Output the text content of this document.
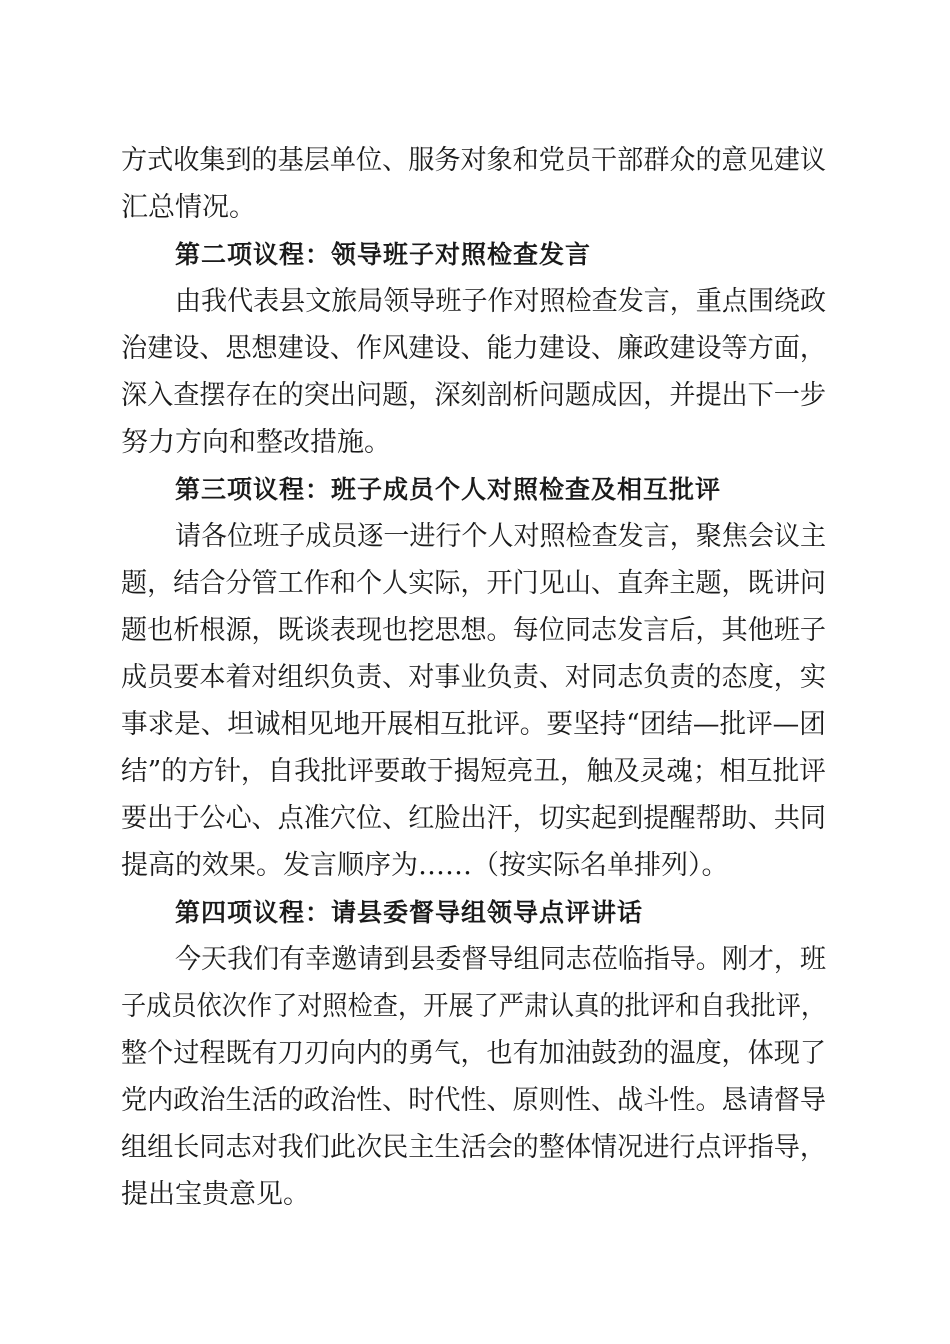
方式收集到的基层单位、服务对象和党员干部群众的意见建议
汇总情况。
第二项议程：领导班子对照检查发言
由我代表县文旅局领导班子作对照检查发言，重点围绕政
治建设、思想建设、作风建设、能力建设、廉政建设等方面，
深入查摆存在的突出问题，深刻剖析问题成因，并提出下一步
努力方向和整改措施。
第三项议程：班子成员个人对照检查及相互批评
请各位班子成员逐一进行个人对照检查发言，聚焦会议主
题，结合分管工作和个人实际，开门见山、直奔主题，既讲问
题也析根源，既谈表现也挖思想。每位同志发言后，其他班子
成员要本着对组织负责、对事业负责、对同志负责的态度，实
事求是、坦诚相见地开展相互批评。要坚持“团结—批评—团
结”的方针，自我批评要敢于揭短亮丑，触及灵魂；相互批评
要出于公心、点准穴位、红脸出汗，切实起到提醒帮助、共同
提高的效果。发言顺序为……（按实际名单排列）。
第四项议程：请县委督导组领导点评讲话
今天我们有幸邀请到县委督导组同志莅临指导。刚才，班
子成员依次作了对照检查，开展了严肃认真的批评和自我批评，
整个过程既有刀刃向内的勇气，也有加油鼓劲的温度，体现了
党内政治生活的政治性、时代性、原则性、战斗性。恳请督导
组组长同志对我们此次民主生活会的整体情况进行点评指导，
提出宝贵意见。
